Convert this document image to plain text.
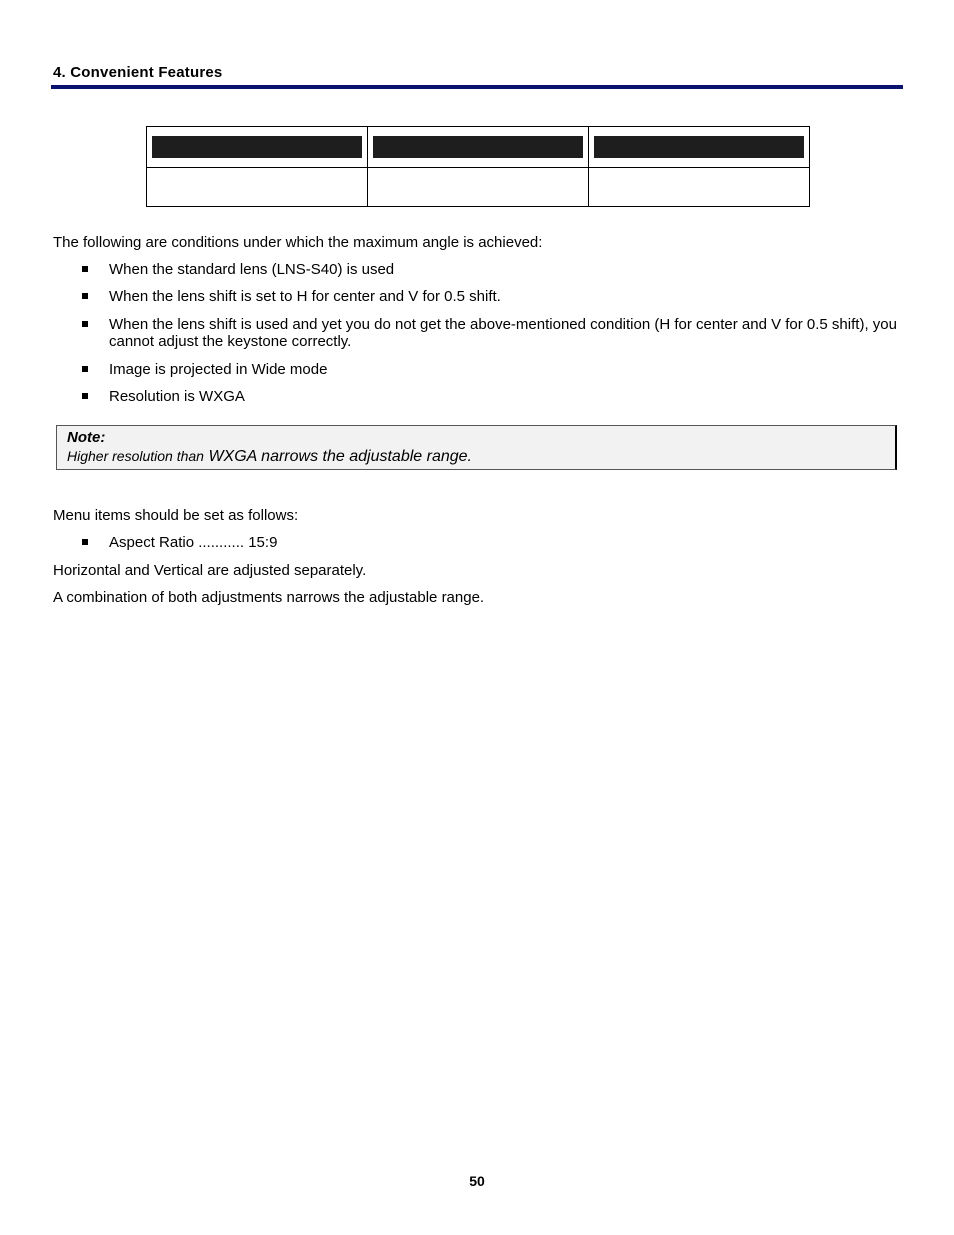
4. Convenient Features

The following are conditions under which the maximum angle is achieved:
When the standard lens (LNS-S40) is used
When the lens shift is set to H for center and V for 0.5 shift.
When the lens shift is used and yet you do not get the above-mentioned condition (H for center and V for 0.5 shift), you cannot adjust the keystone correctly.
Image is projected in Wide mode
Resolution is WXGA
Note:
Higher resolution than WXGA narrows the adjustable range.
Menu items should be set as follows:
Aspect Ratio ........... 15:9
Horizontal and Vertical are adjusted separately.
A combination of both adjustments narrows the adjustable range.
50
